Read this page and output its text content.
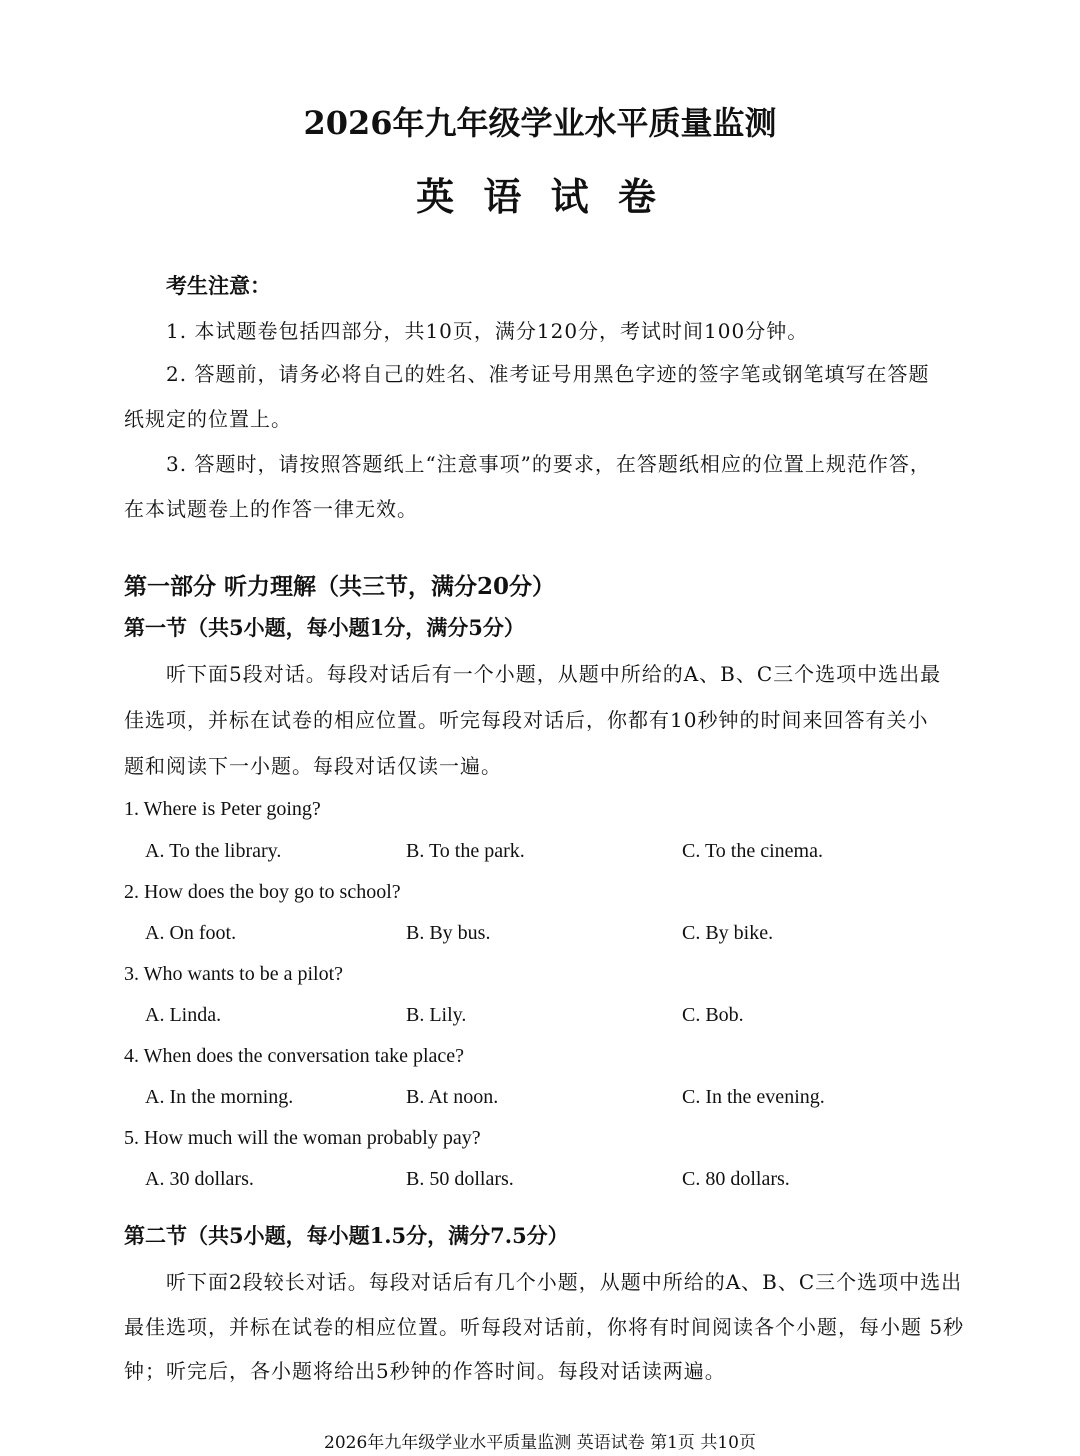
2026年九年级学业水平质量监测
英 语 试 卷
考生注意：
1. 本试题卷包括四部分，共10页，满分120分，考试时间100分钟。
2. 答题前，请务必将自己的姓名、准考证号用黑色字迹的签字笔或钢笔填写在答题
纸规定的位置上。
3. 答题时，请按照答题纸上“注意事项”的要求，在答题纸相应的位置上规范作答，
在本试题卷上的作答一律无效。
第一部分 听力理解（共三节，满分20分）
第一节（共5小题，每小题1分，满分5分）
听下面5段对话。每段对话后有一个小题，从题中所给的A、B、C三个选项中选出最
佳选项，并标在试卷的相应位置。听完每段对话后，你都有10秒钟的时间来回答有关小
题和阅读下一小题。每段对话仅读一遍。
1. Where is Peter going?
A. To the library.	B. To the park.	C. To the cinema.
2. How does the boy go to school?
A. On foot.	B. By bus.	C. By bike.
3. Who wants to be a pilot?
A. Linda.	B. Lily.	C. Bob.
4. When does the conversation take place?
A. In the morning.	B. At noon.	C. In the evening.
5. How much will the woman probably pay?
A. 30 dollars.	B. 50 dollars.	C. 80 dollars.
第二节（共5小题，每小题1.5分，满分7.5分）
听下面2段较长对话。每段对话后有几个小题，从题中所给的A、B、C三个选项中选出
最佳选项，并标在试卷的相应位置。听每段对话前，你将有时间阅读各个小题，每小题 5秒
钟；听完后，各小题将给出5秒钟的作答时间。每段对话读两遍。
2026年九年级学业水平质量监测 英语试卷 第1页 共10页
